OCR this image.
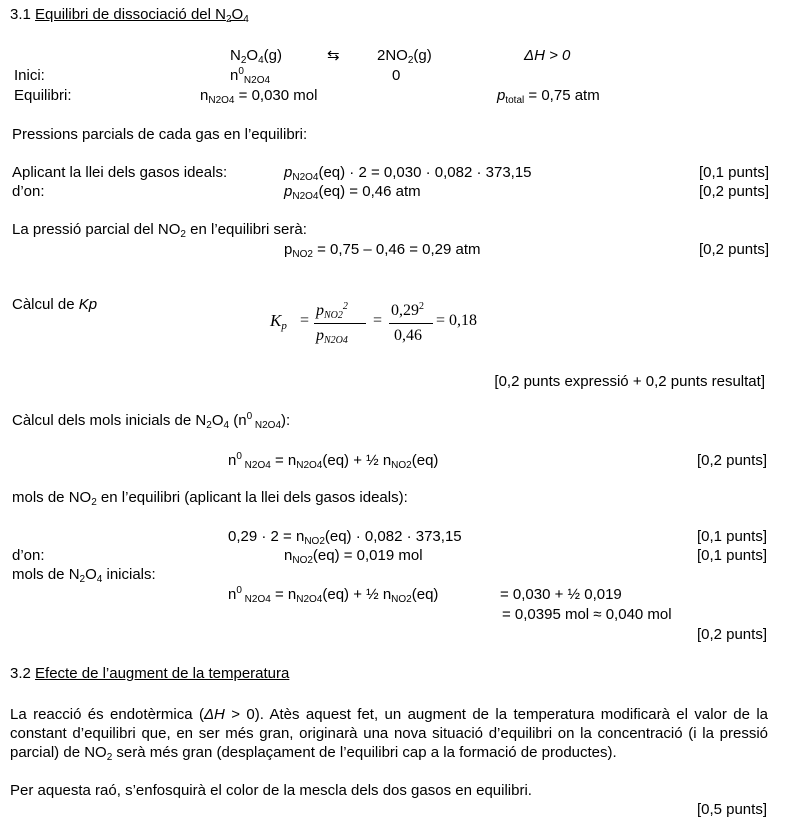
3.1 Equilibri de dissociació del $N_2O_4$
$N_2O_4(g)$	⇆ $2NO_2(g)$	ΔH > 0
Inici:	$n^0_{N2O4}$	0
Equilibri:	$n_{N2O4} = 0,030$ mol	$p_{total} = 0,75$ atm
Pressions parcials de cada gas en l’equilibri:
Aplicant la llei dels gasos ideals:	$p_{N2O4}(eq) \cdot 2 = 0,030 \cdot 0,082 \cdot 373,15$	[0,1 punts]
d’on:	$p_{N2O4}(eq) = 0,46$ atm	[0,2 punts]
La pressió parcial del $NO_2$ en l’equilibri serà:
$p_{NO2} = 0,75 - 0,46 = 0,29$ atm	[0,2 punts]
Càlcul de Kp
$K_p$ =
$p_{NO2}^2$
$p_{N2O4}$
=
$0,29^2$
0,46
= 0,18
[0,2 punts expressió + 0,2 punts resultat]
Càlcul dels mols inicials de $N_2O_4$ ($n^0$ $_{N2O4}$):
$n^0$ $_{N2O4} = n_{N2O4}(eq)$ + ½ $n_{NO2}(eq)$	[0,2 punts]
mols de $NO_2$ en l’equilibri (aplicant la llei dels gasos ideals):
$0,29 \cdot 2 = n_{NO2}(eq) \cdot 0,082 \cdot 373,15$	[0,1 punts]
d’on:	$n_{NO2}(eq) = 0,019$ mol	[0,1 punts]
mols de $N_2O_4$ inicials:
$n^0$ $_{N2O4} = n_{N2O4}(eq)$ + ½ $n_{NO2}(eq)$	= 0,030 + ½ 0,019
= 0,0395 mol ≈ 0,040 mol
[0,2 punts]
3.2 Efecte de l’augment de la temperatura
La reacció és endotèrmica (ΔH > 0). Atès aquest fet, un augment de la temperatura modificarà el valor de la constant d’equilibri que, en ser més gran, originarà una nova situació d’equilibri on la concentració (i la pressió parcial) de $NO_2$ serà més gran (desplaçament de l’equilibri cap a la formació de productes).
Per aquesta raó, s’enfosquirà el color de la mescla dels dos gasos en equilibri.
[0,5 punts]
